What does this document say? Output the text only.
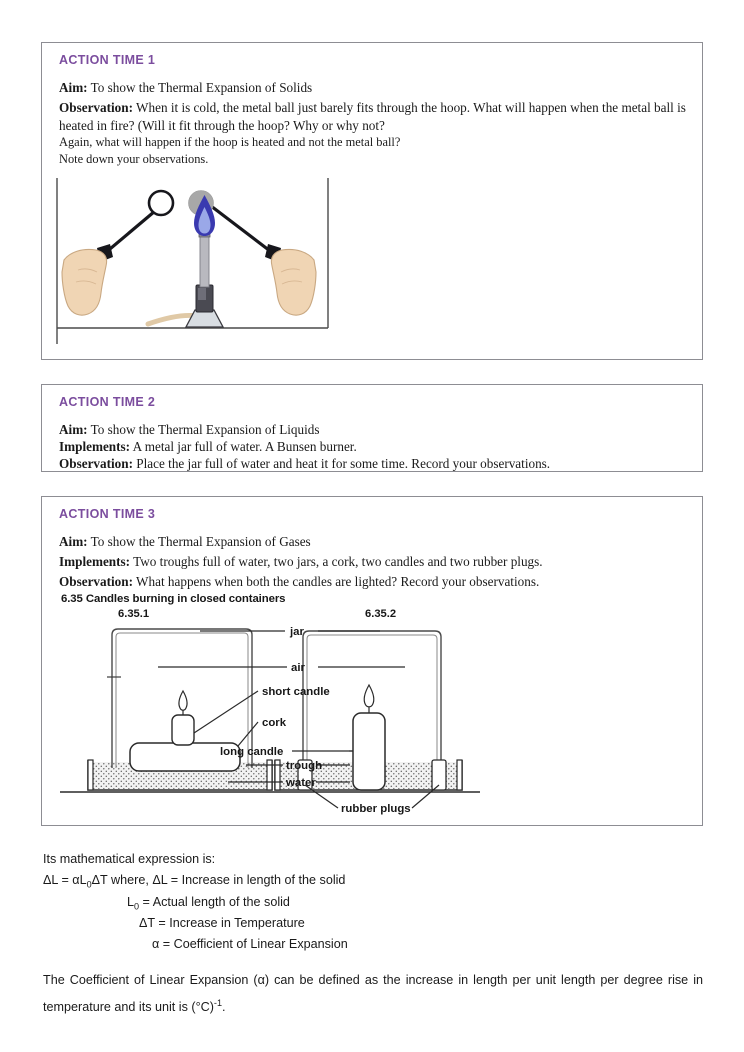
ACTION TIME 1
Aim: To show the Thermal Expansion of Solids
Observation: When it is cold, the metal ball just barely fits through the hoop. What will happen when the metal ball is heated in fire? (Will it fit through the hoop? Why or why not?
Again, what will happen if the hoop is heated and not the metal ball?
Note down your observations.
ACTION TIME 2
Aim: To show the Thermal Expansion of Liquids
Implements: A metal jar full of water. A Bunsen burner.
Observation: Place the jar full of water and heat it for some time. Record your observations.
ACTION TIME 3
Aim: To show the Thermal Expansion of Gases
Implements: Two troughs full of water, two jars, a cork, two candles and two rubber plugs.
Observation: What happens when both the candles are lighted? Record your observations.
6.35 Candles burning in closed containers
6.35.1	6.35.2
jar
air
short candle
cork
long candle
trough
water
rubber plugs
Its mathematical expression is:
$\Delta L = \alpha L_0\Delta T$ where, ΔL = Increase in length of the solid
$L_0$ = Actual length of the solid
ΔT = Increase in Temperature
α = Coefficient of Linear Expansion
The Coefficient of Linear Expansion (α) can be defined as the increase in length per unit length per degree rise in temperature and its unit is $(^\circ C)^{-1}$.
